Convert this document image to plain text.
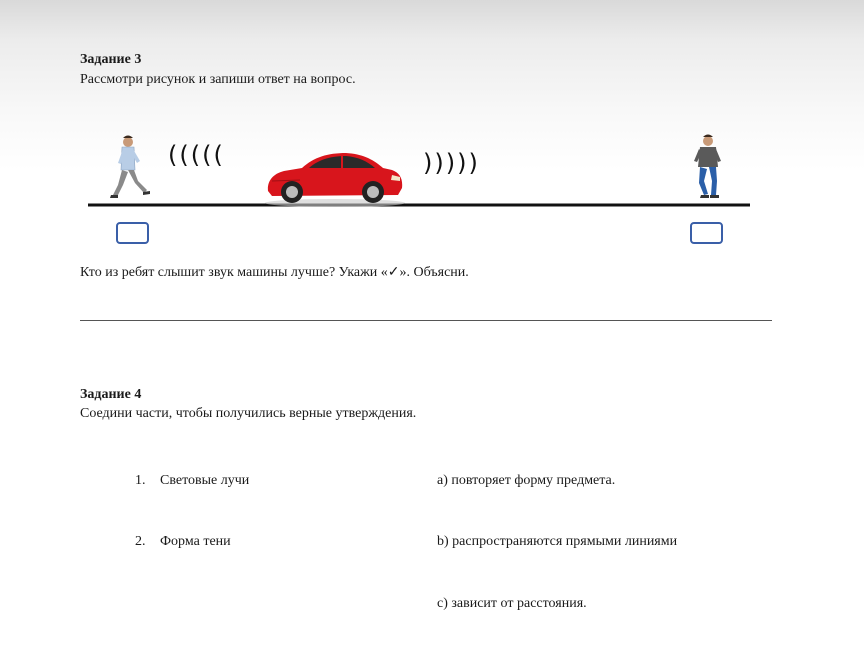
Задание 3
Рассмотри рисунок и запиши ответ на вопрос.
(((((	)))))
Кто из ребят слышит звук машины лучше? Укажи «✓». Объясни.
Задание 4
Соедини части, чтобы получились верные утверждения.
1. Световые лучи
2. Форма тени
а) повторяет форму предмета.
b) распространяются прямыми линиями
c) зависит от расстояния.
